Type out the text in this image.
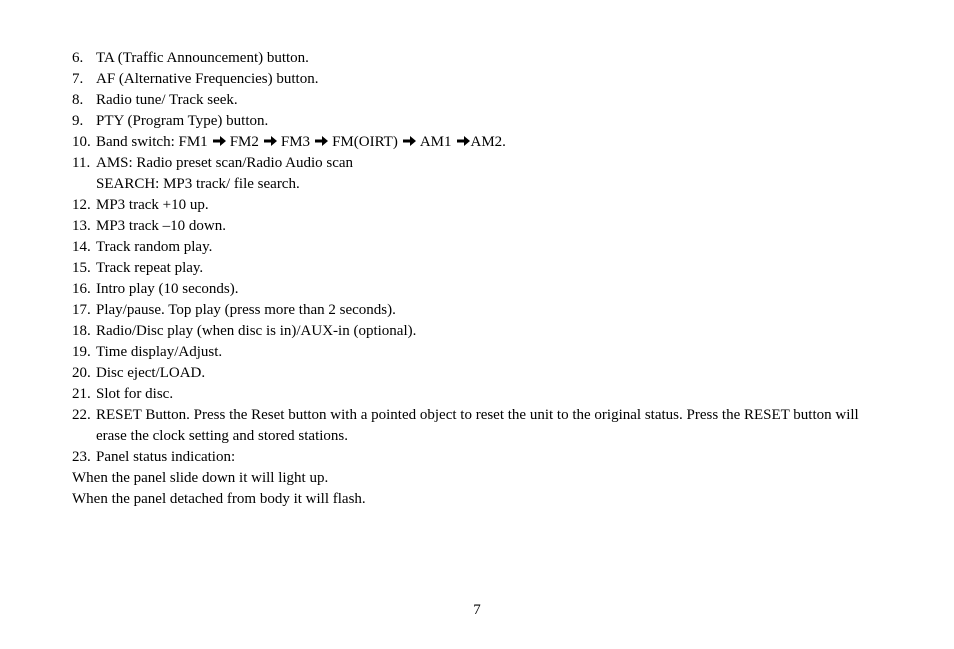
6. TA (Traffic Announcement) button.
7. AF (Alternative Frequencies) button.
8. Radio tune/ Track seek.
9. PTY (Program Type) button.
10. Band switch: FM1 FM2 FM3 FM(OIRT) AM1 AM2.
11. AMS: Radio preset scan/Radio Audio scan
SEARCH: MP3 track/ file search.
12. MP3 track +10 up.
13. MP3 track –10 down.
14. Track random play.
15. Track repeat play.
16. Intro play (10 seconds).
17. Play/pause. Top play (press more than 2 seconds).
18. Radio/Disc play (when disc is in)/AUX-in (optional).
19. Time display/Adjust.
20. Disc eject/LOAD.
21. Slot for disc.
22. RESET Button. Press the Reset button with a pointed object to reset the unit to the original status. Press the RESET button will
erase the clock setting and stored stations.
23. Panel status indication:
When the panel slide down it will light up.
When the panel detached from body it will flash.
7
